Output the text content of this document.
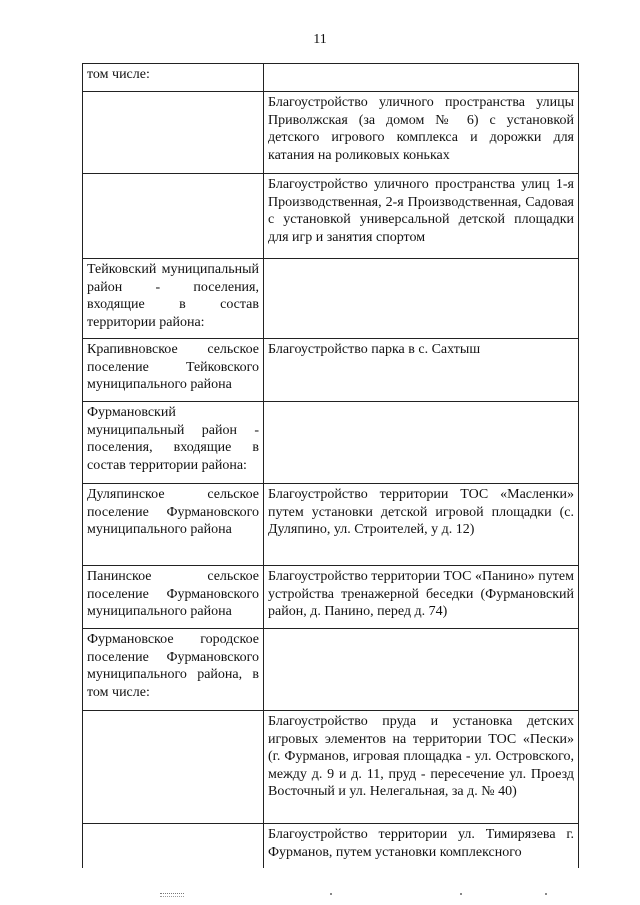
11
том числе:	
	Благоустройство уличного пространства улицы Приволжская (за домом № 6) с установкой детского игрового комплекса и дорожки для катания на роликовых коньках
	Благоустройство уличного пространства улиц 1-я Производственная, 2-я Производственная, Садовая с установкой универсальной детской площадки для игр и занятия спортом
Тейковский муниципальный район - поселения, входящие в состав территории района:	
Крапивновское сельское поселение Тейковского муниципального района	Благоустройство парка в с. Сахтыш
Фурмановский муниципальный район - поселения, входящие в состав территории района:	
Дуляпинское сельское поселение Фурмановского муниципального района	Благоустройство территории ТОС «Масленки» путем установки детской игровой площадки (с. Дуляпино, ул. Строителей, у д. 12)
Панинское сельское поселение Фурмановского муниципального района	Благоустройство территории ТОС «Панино» путем устройства тренажерной беседки (Фурмановский район, д. Панино, перед д. 74)
Фурмановское городское поселение Фурмановского муниципального района, в том числе:	
	Благоустройство пруда и установка детских игровых элементов на территории ТОС «Пески» (г. Фурманов, игровая площадка - ул. Островского, между д. 9 и д. 11, пруд - пересечение ул. Проезд Восточный и ул. Нелегальная, за д. № 40)
	Благоустройство территории ул. Тимирязева г. Фурманов, путем установки комплексного
